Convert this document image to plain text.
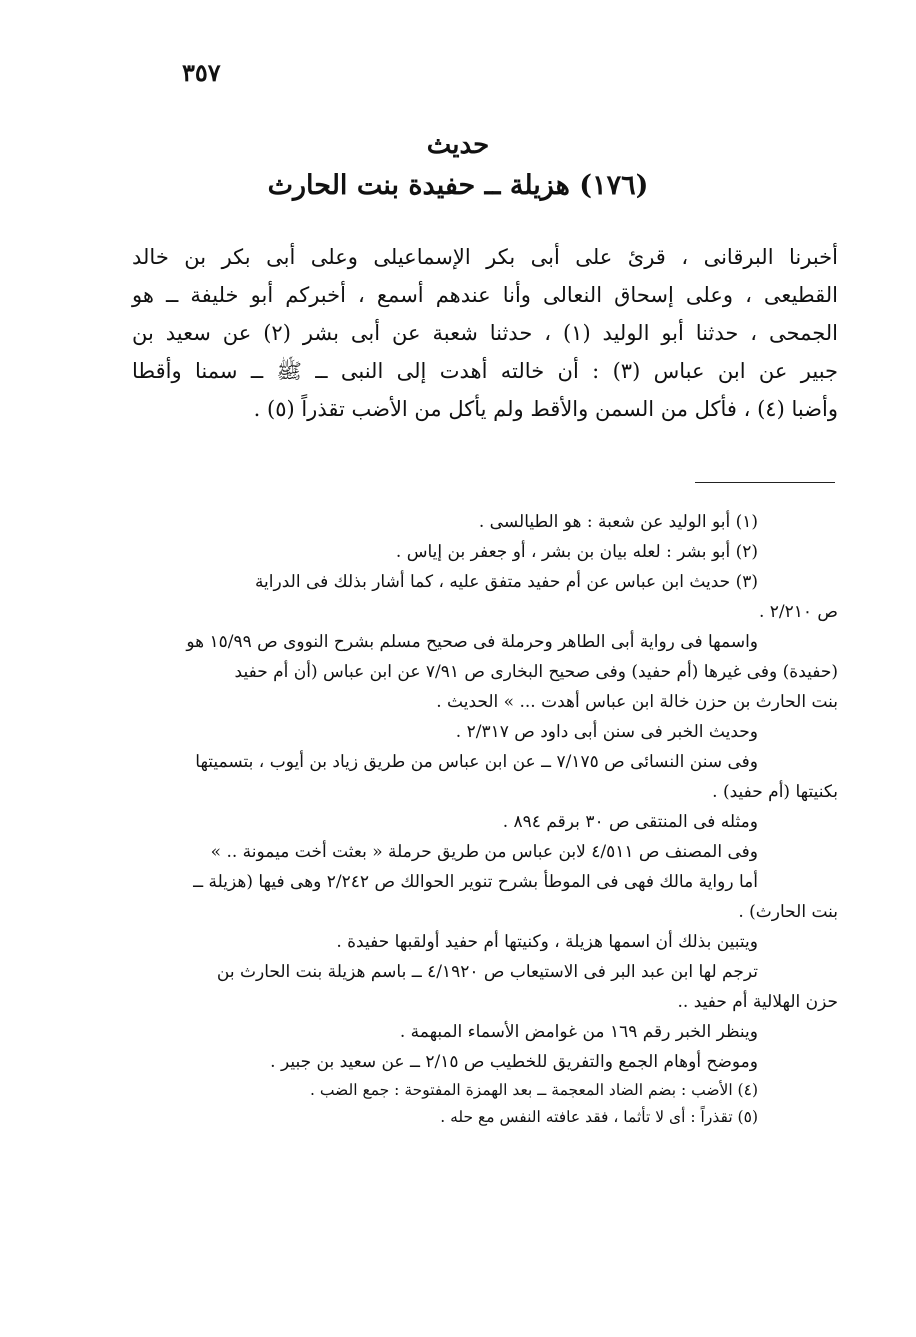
٣٥٧
حديث
(١٧٦) هزيلة ــ حفيدة بنت الحارث
أخبرنا البرقانى ، قرئ على أبى بكر الإسماعيلى وعلى أبى بكر بن خالد
القطيعى ، وعلى إسحاق النعالى وأنا عندهم أسمع ، أخبركم أبو خليفة ــ هو
الجمحى ، حدثنا أبو الوليد (١) ، حدثنا شعبة عن أبى بشر (٢) عن سعيد بن
جبير عن ابن عباس (٣) : أن خالته أهدت إلى النبى ــ ﷺ ــ سمنا وأقطا
وأضبا (٤) ، فأكل من السمن والأقط ولم يأكل من الأضب تقذراً (٥) .
(١) أبو الوليد عن شعبة : هو الطيالسى .
(٢) أبو بشر : لعله بيان بن بشر ، أو جعفر بن إياس .
(٣) حديث ابن عباس عن أم حفيد متفق عليه ، كما أشار بذلك فى الدراية
ص ٢/٢١٠ .
واسمها فى رواية أبى الطاهر وحرملة فى صحيح مسلم بشرح النووى ص ١٥/٩٩ هو
(حفيدة) وفى غيرها (أم حفيد) وفى صحيح البخارى ص ٧/٩١ عن ابن عباس (أن أم حفيد
بنت الحارث بن حزن خالة ابن عباس أهدت ... » الحديث .
وحديث الخبر فى سنن أبى داود ص ٢/٣١٧ .
وفى سنن النسائى ص ٧/١٧٥ ــ عن ابن عباس من طريق زياد بن أيوب ، بتسميتها
بكنيتها (أم حفيد) .
ومثله فى المنتقى ص ٣٠ برقم ٨٩٤ .
وفى المصنف ص ٤/٥١١ لابن عباس من طريق حرملة « بعثت أخت ميمونة .. »
أما رواية مالك فهى فى الموطأ بشرح تنوير الحوالك ص ٢/٢٤٢ وهى فيها (هزيلة ــ
بنت الحارث) .
ويتبين بذلك أن اسمها هزيلة ، وكنيتها أم حفيد أولقبها حفيدة .
ترجم لها ابن عبد البر فى الاستيعاب ص ٤/١٩٢٠ ــ باسم هزيلة بنت الحارث بن
حزن الهلالية أم حفيد ..
وينظر الخبر رقم ١٦٩ من غوامض الأسماء المبهمة .
وموضح أوهام الجمع والتفريق للخطيب ص ٢/١٥ ــ عن سعيد بن جبير .
(٤) الأضب : بضم الضاد المعجمة ــ بعد الهمزة المفتوحة : جمع الضب .
(٥) تقذراً : أى لا تأثما ، فقد عافته النفس مع حله .
